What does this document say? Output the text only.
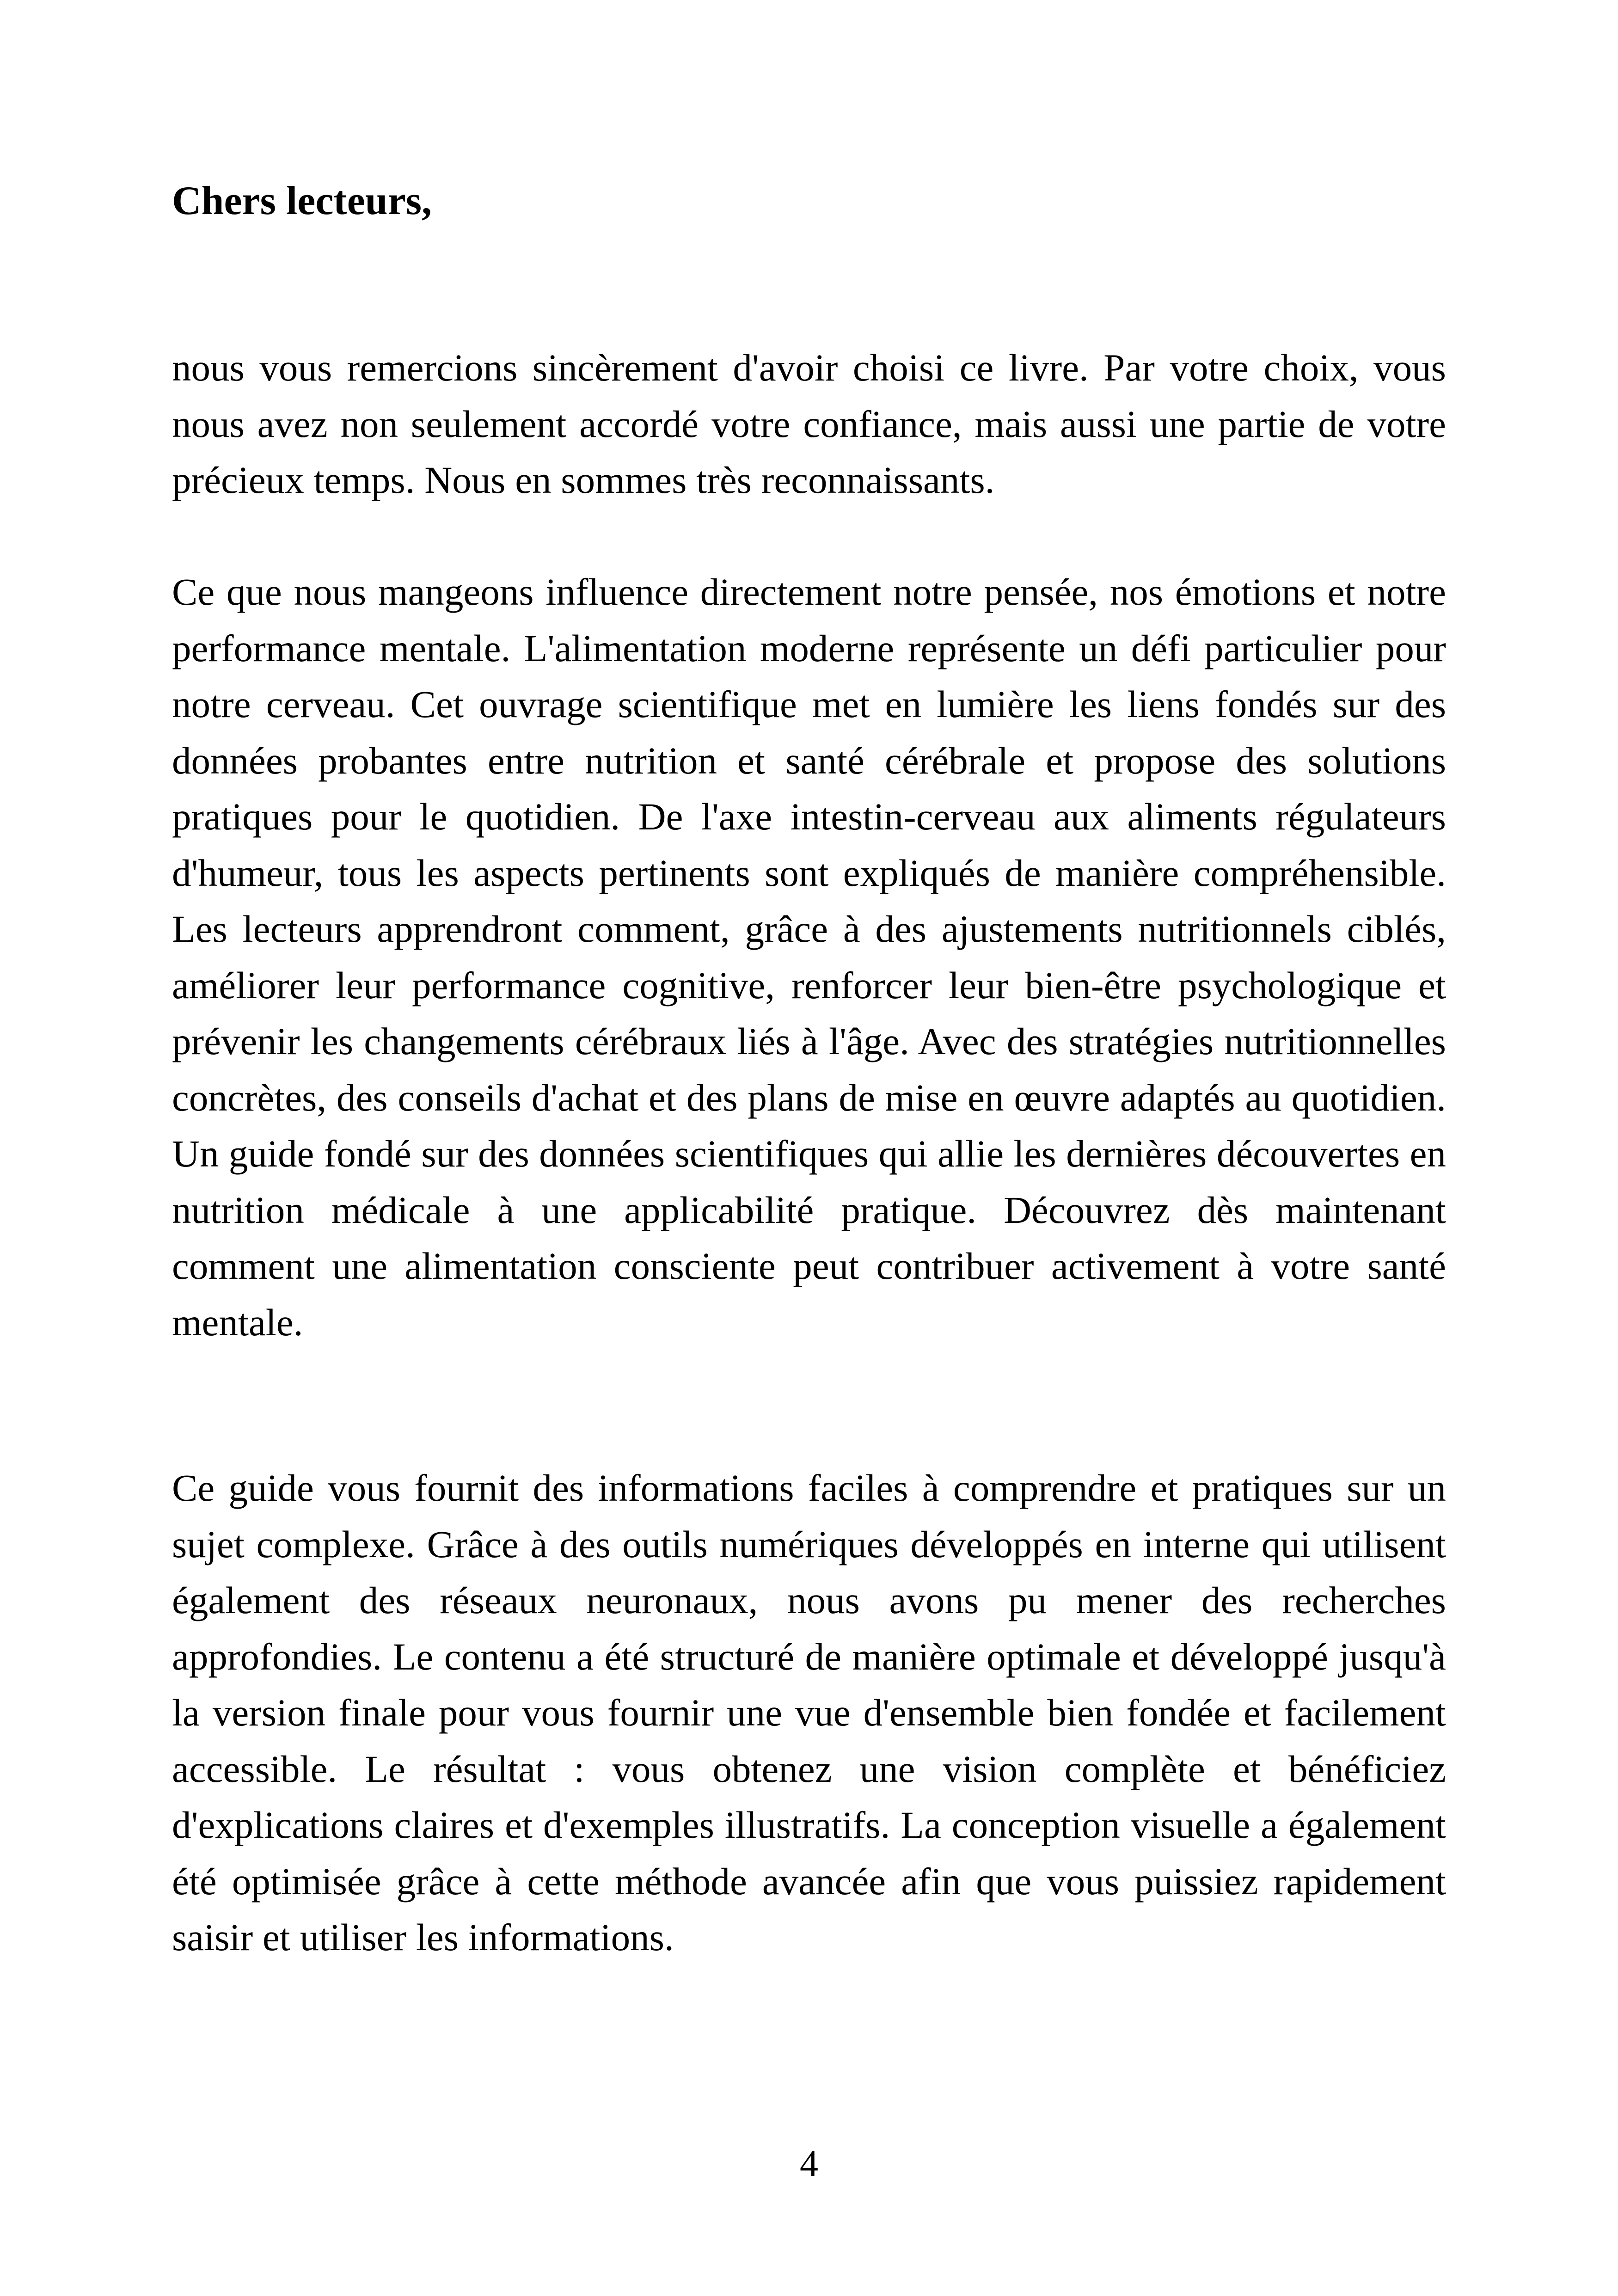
Chers lecteurs,

nous vous remercions sincèrement d'avoir choisi ce livre. Par votre choix, vous nous avez non seulement accordé votre confiance, mais aussi une partie de votre précieux temps. Nous en sommes très reconnaissants.

Ce que nous mangeons influence directement notre pensée, nos émotions et notre performance mentale. L'alimentation moderne représente un défi particulier pour notre cerveau. Cet ouvrage scientifique met en lumière les liens fondés sur des données probantes entre nutrition et santé cérébrale et propose des solutions pratiques pour le quotidien. De l'axe intestin-cerveau aux aliments régulateurs d'humeur, tous les aspects pertinents sont expliqués de manière compréhensible. Les lecteurs apprendront comment, grâce à des ajustements nutritionnels ciblés, améliorer leur performance cognitive, renforcer leur bien-être psychologique et prévenir les changements cérébraux liés à l'âge. Avec des stratégies nutritionnelles concrètes, des conseils d'achat et des plans de mise en œuvre adaptés au quotidien. Un guide fondé sur des données scientifiques qui allie les dernières découvertes en nutrition médicale à une applicabilité pratique. Découvrez dès maintenant comment une alimentation consciente peut contribuer activement à votre santé mentale.

Ce guide vous fournit des informations faciles à comprendre et pratiques sur un sujet complexe. Grâce à des outils numériques développés en interne qui utilisent également des réseaux neuronaux, nous avons pu mener des recherches approfondies. Le contenu a été structuré de manière optimale et développé jusqu'à la version finale pour vous fournir une vue d'ensemble bien fondée et facilement accessible. Le résultat : vous obtenez une vision complète et bénéficiez d'explications claires et d'exemples illustratifs. La conception visuelle a également été optimisée grâce à cette méthode avancée afin que vous puissiez rapidement saisir et utiliser les informations.

4
